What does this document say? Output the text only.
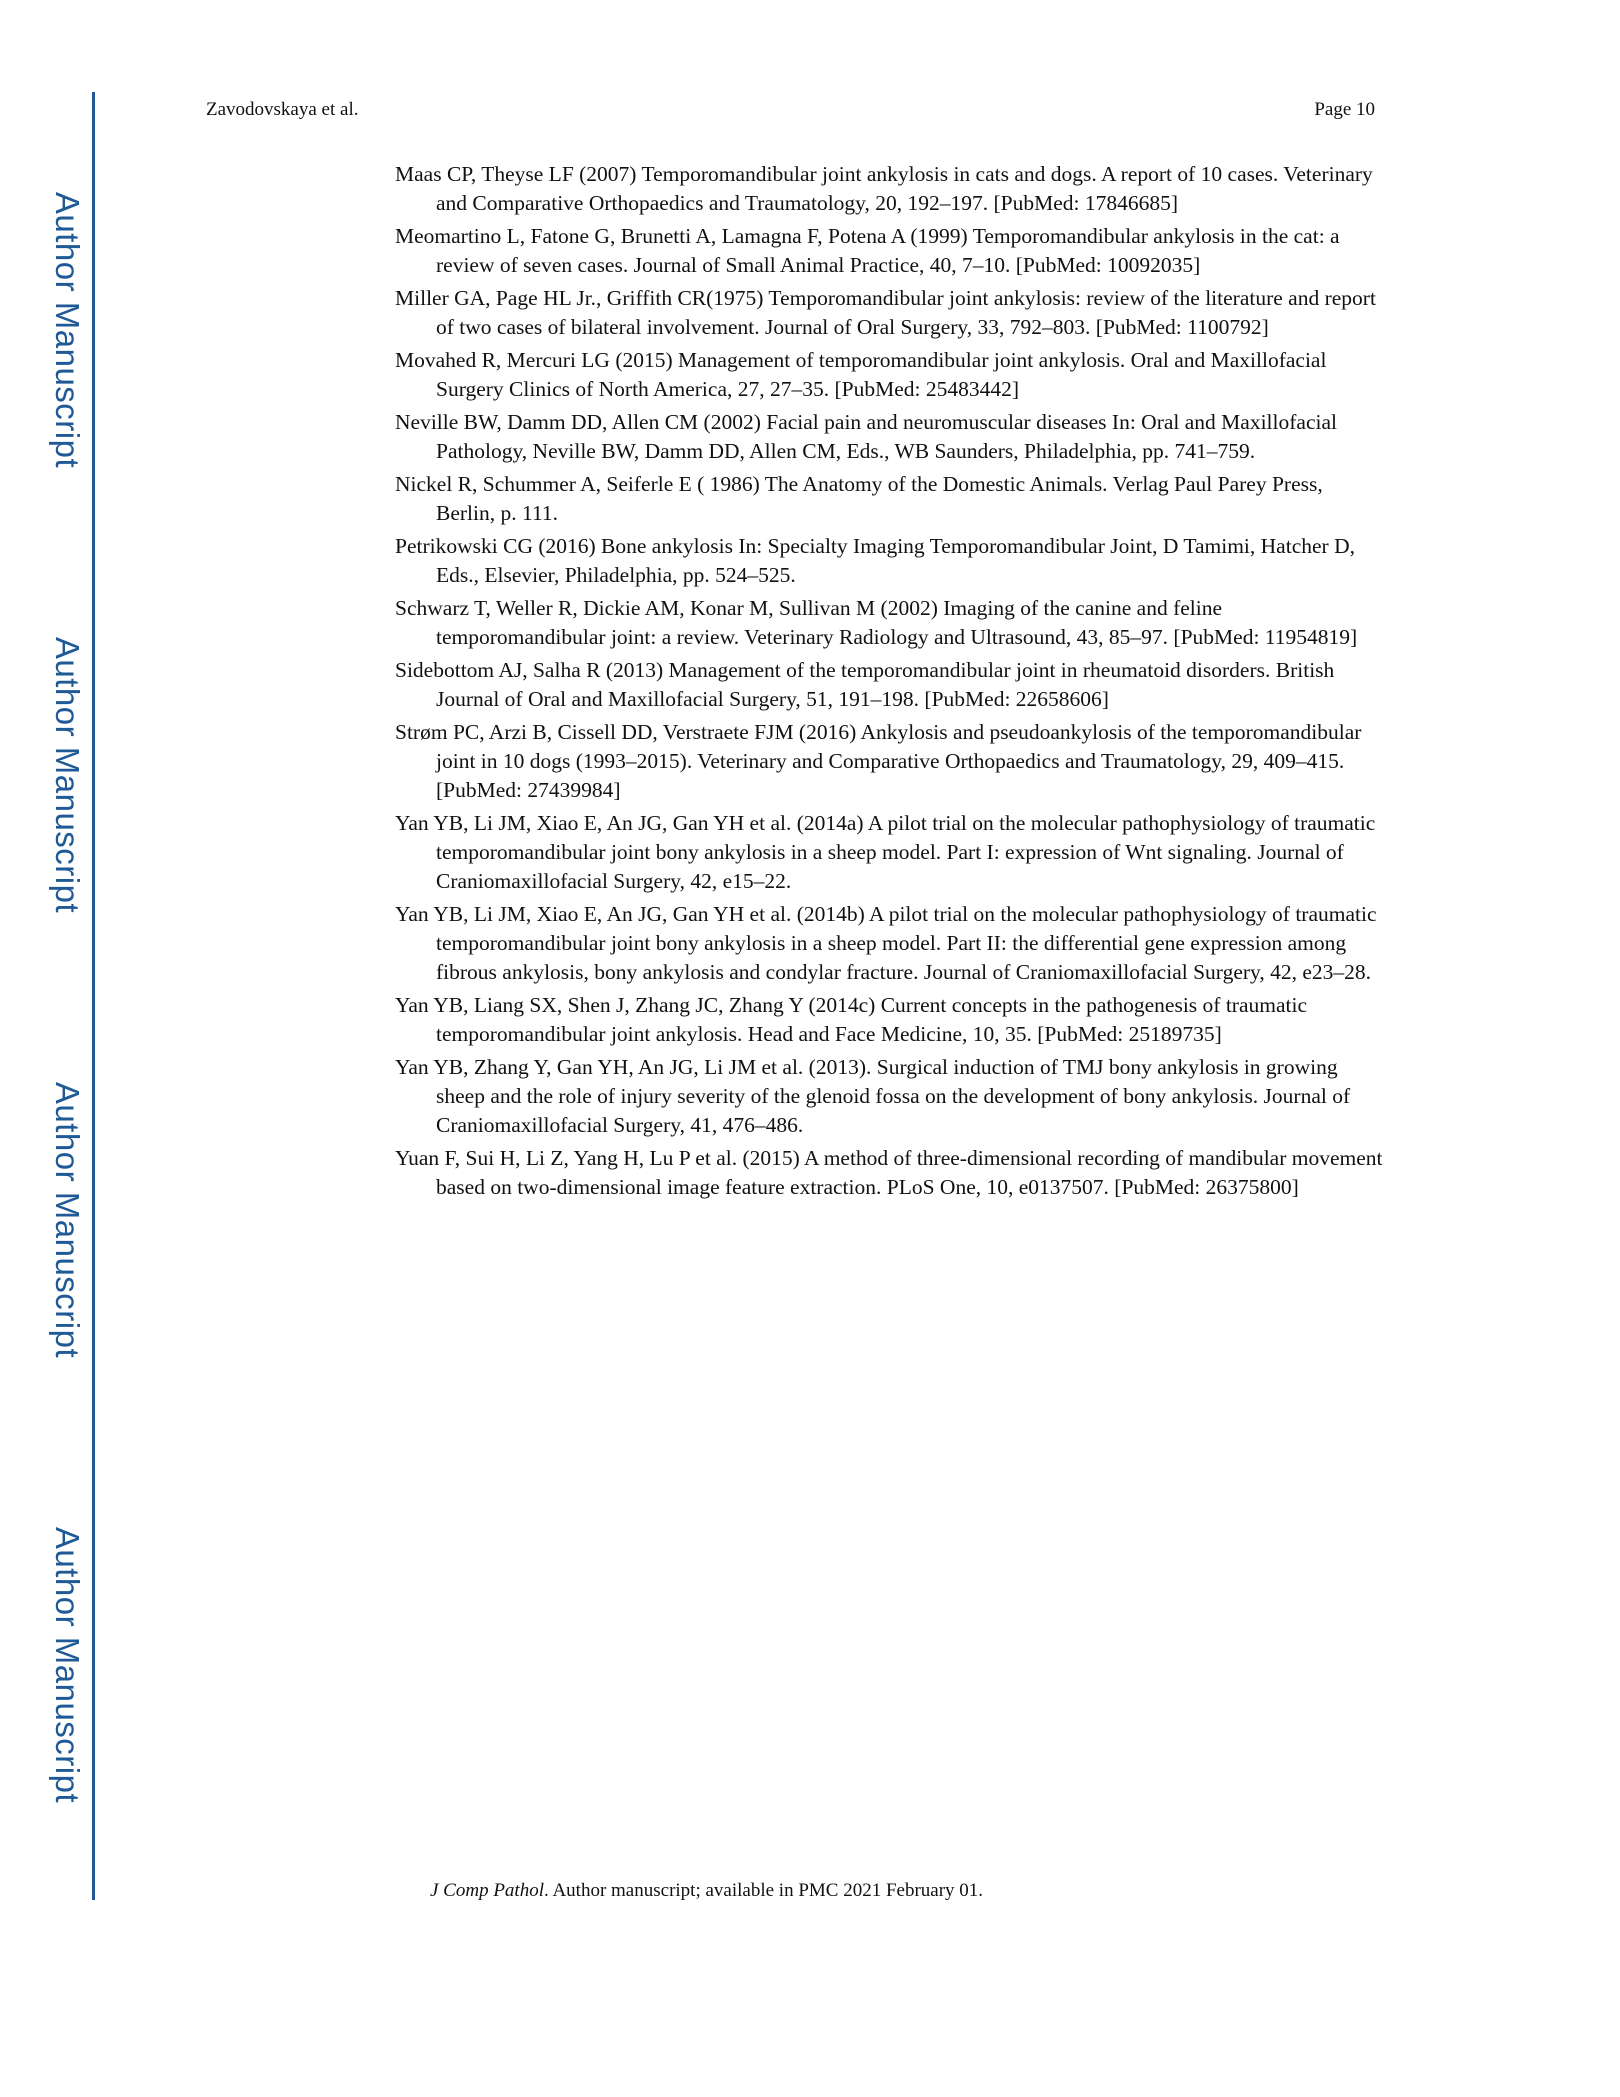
Author Manuscript
Author Manuscript
Author Manuscript
Author Manuscript
Zavodovskaya et al.	Page 10
Maas CP, Theyse LF (2007) Temporomandibular joint ankylosis in cats and dogs. A report of 10 cases. Veterinary and Comparative Orthopaedics and Traumatology, 20, 192–197. [PubMed: 17846685]
Meomartino L, Fatone G, Brunetti A, Lamagna F, Potena A (1999) Temporomandibular ankylosis in the cat: a review of seven cases. Journal of Small Animal Practice, 40, 7–10. [PubMed: 10092035]
Miller GA, Page HL Jr., Griffith CR(1975) Temporomandibular joint ankylosis: review of the literature and report of two cases of bilateral involvement. Journal of Oral Surgery, 33, 792–803. [PubMed: 1100792]
Movahed R, Mercuri LG (2015) Management of temporomandibular joint ankylosis. Oral and Maxillofacial Surgery Clinics of North America, 27, 27–35. [PubMed: 25483442]
Neville BW, Damm DD, Allen CM (2002) Facial pain and neuromuscular diseases In: Oral and Maxillofacial Pathology, Neville BW, Damm DD, Allen CM, Eds., WB Saunders, Philadelphia, pp. 741–759.
Nickel R, Schummer A, Seiferle E ( 1986) The Anatomy of the Domestic Animals. Verlag Paul Parey Press, Berlin, p. 111.
Petrikowski CG (2016) Bone ankylosis In: Specialty Imaging Temporomandibular Joint, D Tamimi, Hatcher D, Eds., Elsevier, Philadelphia, pp. 524–525.
Schwarz T, Weller R, Dickie AM, Konar M, Sullivan M (2002) Imaging of the canine and feline temporomandibular joint: a review. Veterinary Radiology and Ultrasound, 43, 85–97. [PubMed: 11954819]
Sidebottom AJ, Salha R (2013) Management of the temporomandibular joint in rheumatoid disorders. British Journal of Oral and Maxillofacial Surgery, 51, 191–198. [PubMed: 22658606]
Strøm PC, Arzi B, Cissell DD, Verstraete FJM (2016) Ankylosis and pseudoankylosis of the temporomandibular joint in 10 dogs (1993–2015). Veterinary and Comparative Orthopaedics and Traumatology, 29, 409–415. [PubMed: 27439984]
Yan YB, Li JM, Xiao E, An JG, Gan YH et al. (2014a) A pilot trial on the molecular pathophysiology of traumatic temporomandibular joint bony ankylosis in a sheep model. Part I: expression of Wnt signaling. Journal of Craniomaxillofacial Surgery, 42, e15–22.
Yan YB, Li JM, Xiao E, An JG, Gan YH et al. (2014b) A pilot trial on the molecular pathophysiology of traumatic temporomandibular joint bony ankylosis in a sheep model. Part II: the differential gene expression among fibrous ankylosis, bony ankylosis and condylar fracture. Journal of Craniomaxillofacial Surgery, 42, e23–28.
Yan YB, Liang SX, Shen J, Zhang JC, Zhang Y (2014c) Current concepts in the pathogenesis of traumatic temporomandibular joint ankylosis. Head and Face Medicine, 10, 35. [PubMed: 25189735]
Yan YB, Zhang Y, Gan YH, An JG, Li JM et al. (2013). Surgical induction of TMJ bony ankylosis in growing sheep and the role of injury severity of the glenoid fossa on the development of bony ankylosis. Journal of Craniomaxillofacial Surgery, 41, 476–486.
Yuan F, Sui H, Li Z, Yang H, Lu P et al. (2015) A method of three-dimensional recording of mandibular movement based on two-dimensional image feature extraction. PLoS One, 10, e0137507. [PubMed: 26375800]
J Comp Pathol. Author manuscript; available in PMC 2021 February 01.
